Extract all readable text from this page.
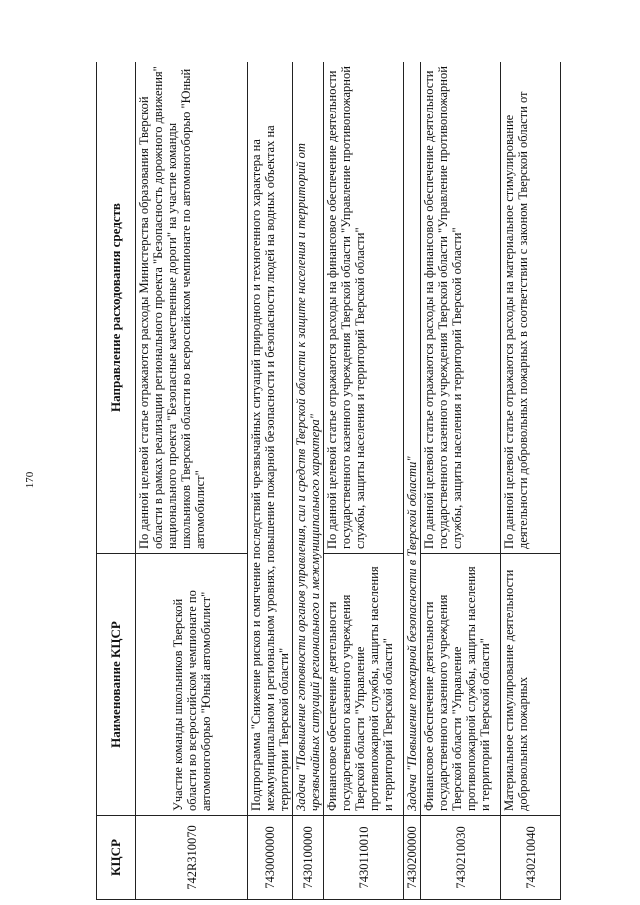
170
КЦСР	Наименование КЦСР	Направление расходования средств
742R310070	Участие команды школьников Тверской области во всероссийском чемпионате по автомоногоборью "Юный автомобилист"	По данной целевой статье отражаются расходы Министерства образования Тверской области в рамках реализации регионального проекта "Безопасность дорожного движения" национального проекта "Безопасные качественные дороги" на участие команды школьников Тверской области во всероссийском чемпионате по автомоногоборью "Юный автомобилист"
7430000000	Подпрограмма "Снижение рисков и смягчение последствий чрезвычайных ситуаций природного и техногенного характера на межмуниципальном и региональном уровнях, повышение пожарной безопасности и безопасности людей на водных объектах на территории Тверской области"	
7430100000	Задача "Повышение готовности органов управления, сил и средств Тверской области к защите населения и территорий от чрезвычайных ситуаций регионального и межмуниципального характера"	
7430110010	Финансовое обеспечение деятельности государственного казенного учреждения Тверской области "Управление противопожарной службы, защиты населения и территорий Тверской области"	По данной целевой статье отражаются расходы на финансовое обеспечение деятельности государственного казенного учреждения Тверской области "Управление противопожарной службы, защиты населения и территорий Тверской области"
7430200000	Задача "Повышение пожарной безопасности в Тверской области"	
7430210030	Финансовое обеспечение деятельности государственного казенного учреждения Тверской области "Управление противопожарной службы, защиты населения и территорий Тверской области"	По данной целевой статье отражаются расходы на финансовое обеспечение деятельности государственного казенного учреждения Тверской области "Управление противопожарной службы, защиты населения и территорий Тверской области"
7430210040	Материальное стимулирование деятельности добровольных пожарных	По данной целевой статье отражаются расходы на материальное стимулирование деятельности добровольных пожарных в соответствии с законом Тверской области от
